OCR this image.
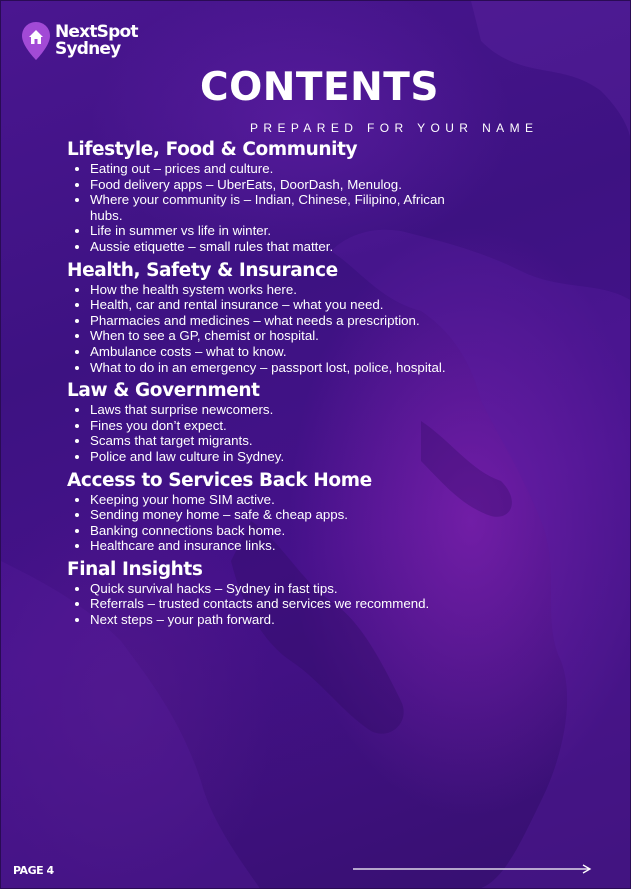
NextSpot
Sydney
CONTENTS
PREPARED FOR YOUR NAME
Lifestyle, Food & Community
• Eating out – prices and culture.
• Food delivery apps – UberEats, DoorDash, Menulog.
• Where your community is – Indian, Chinese, Filipino, African hubs.
• Life in summer vs life in winter.
• Aussie etiquette – small rules that matter.
Health, Safety & Insurance
• How the health system works here.
• Health, car and rental insurance – what you need.
• Pharmacies and medicines – what needs a prescription.
• When to see a GP, chemist or hospital.
• Ambulance costs – what to know.
• What to do in an emergency – passport lost, police, hospital.
Law & Government
• Laws that surprise newcomers.
• Fines you don’t expect.
• Scams that target migrants.
• Police and law culture in Sydney.
Access to Services Back Home
• Keeping your home SIM active.
• Sending money home – safe & cheap apps.
• Banking connections back home.
• Healthcare and insurance links.
Final Insights
• Quick survival hacks – Sydney in fast tips.
• Referrals – trusted contacts and services we recommend.
• Next steps – your path forward.
PAGE 4
